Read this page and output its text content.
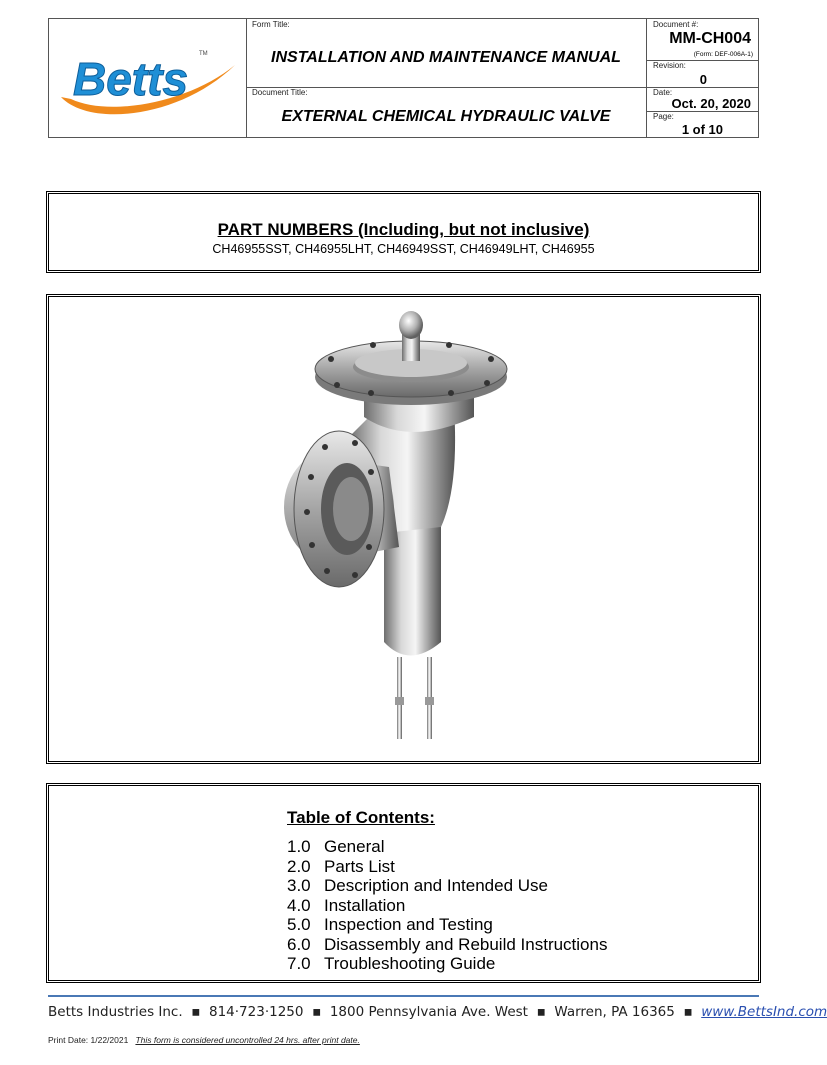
Betts TM
Form Title:
INSTALLATION AND MAINTENANCE MANUAL
Document Title:
EXTERNAL CHEMICAL HYDRAULIC VALVE
Document #:
MM-CH004
(Form: DEF-006A-1)
Revision:
0
Date:
Oct. 20, 2020
Page:
1 of 10
PART NUMBERS (Including, but not inclusive)
CH46955SST, CH46955LHT, CH46949SST, CH46949LHT, CH46955
Table of Contents:
1.0 General
2.0 Parts List
3.0 Description and Intended Use
4.0 Installation
5.0 Inspection and Testing
6.0 Disassembly and Rebuild Instructions
7.0 Troubleshooting Guide
Betts Industries Inc. ▪ 814·723·1250 ▪ 1800 Pennsylvania Ave. West ▪ Warren, PA 16365 ▪ www.BettsInd.com
Print Date: 1/22/2021 This form is considered uncontrolled 24 hrs. after print date.
